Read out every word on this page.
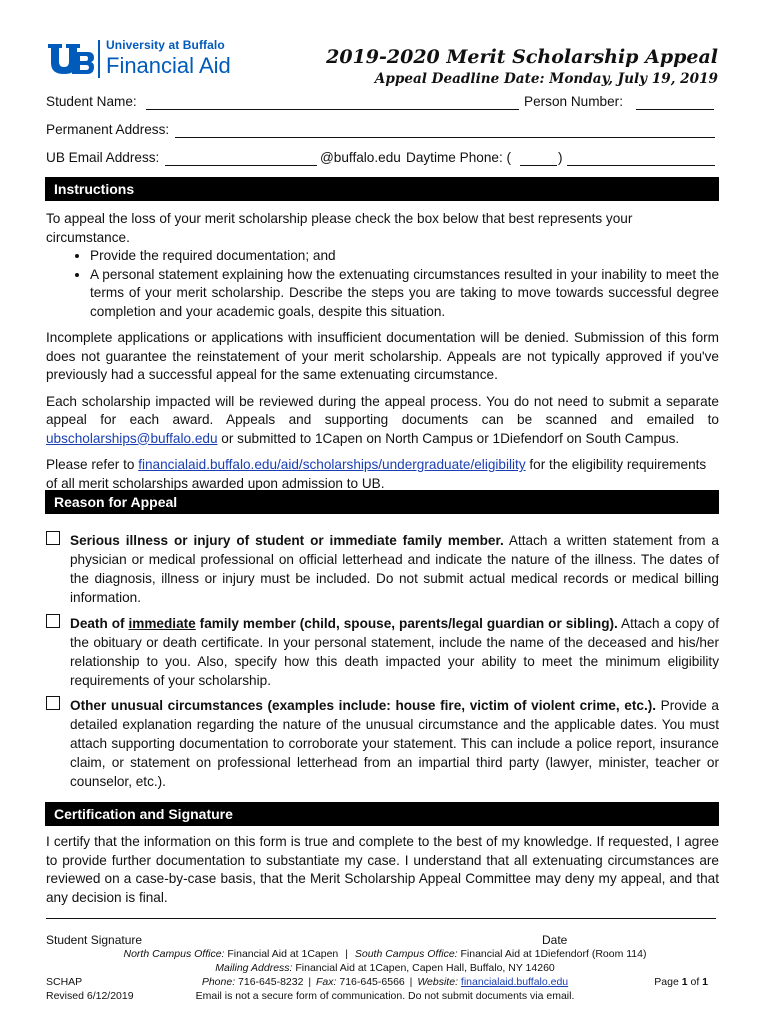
University at Buffalo
Financial Aid	2019-2020 Merit Scholarship Appeal
Appeal Deadline Date: Monday, July 19, 2019
Student Name:	Person Number:
Permanent Address:
UB Email Address:	@buffalo.edu Daytime Phone: (	)
Instructions

To appeal the loss of your merit scholarship please check the box below that best represents your circumstance.

• Provide the required documentation; and
• A personal statement explaining how the extenuating circumstances resulted in your inability to meet the terms of your merit scholarship. Describe the steps you are taking to move towards successful degree completion and your academic goals, despite this situation.

Incomplete applications or applications with insufficient documentation will be denied. Submission of this form does not guarantee the reinstatement of your merit scholarship. Appeals are not typically approved if you've previously had a successful appeal for the same extenuating circumstance.

Each scholarship impacted will be reviewed during the appeal process. You do not need to submit a separate appeal for each award. Appeals and supporting documents can be scanned and emailed to ubscholarships@buffalo.edu or submitted to 1Capen on North Campus or 1Diefendorf on South Campus.

Please refer to financialaid.buffalo.edu/aid/scholarships/undergraduate/eligibility for the eligibility requirements of all merit scholarships awarded upon admission to UB.

Reason for Appeal
Serious illness or injury of student or immediate family member. Attach a written statement from a physician or medical professional on official letterhead and indicate the nature of the illness. The dates of the diagnosis, illness or injury must be included. Do not submit actual medical records or medical billing information.
Death of immediate family member (child, spouse, parents/legal guardian or sibling). Attach a copy of the obituary or death certificate. In your personal statement, include the name of the deceased and his/her relationship to you. Also, specify how this death impacted your ability to meet the minimum eligibility requirements of your scholarship.
Other unusual circumstances (examples include: house fire, victim of violent crime, etc.). Provide a detailed explanation regarding the nature of the unusual circumstance and the applicable dates. You must attach supporting documentation to corroborate your statement. This can include a police report, insurance claim, or statement on professional letterhead from an impartial third party (lawyer, minister, teacher or counselor, etc.).
Certification and Signature

I certify that the information on this form is true and complete to the best of my knowledge. If requested, I agree to provide further documentation to substantiate my case. I understand that all extenuating circumstances are reviewed on a case-by-case basis, that the Merit Scholarship Appeal Committee may deny my appeal, and that any decision is final.

Student Signature	Date
North Campus Office: Financial Aid at 1Capen | South Campus Office: Financial Aid at 1Diefendorf (Room 114)
Mailing Address: Financial Aid at 1Capen, Capen Hall, Buffalo, NY 14260
Phone: 716-645-8232 | Fax: 716-645-6566 | Website: financialaid.buffalo.edu
Email is not a secure form of communication. Do not submit documents via email.
SCHAP
Revised 6/12/2019
Page 1 of 1
